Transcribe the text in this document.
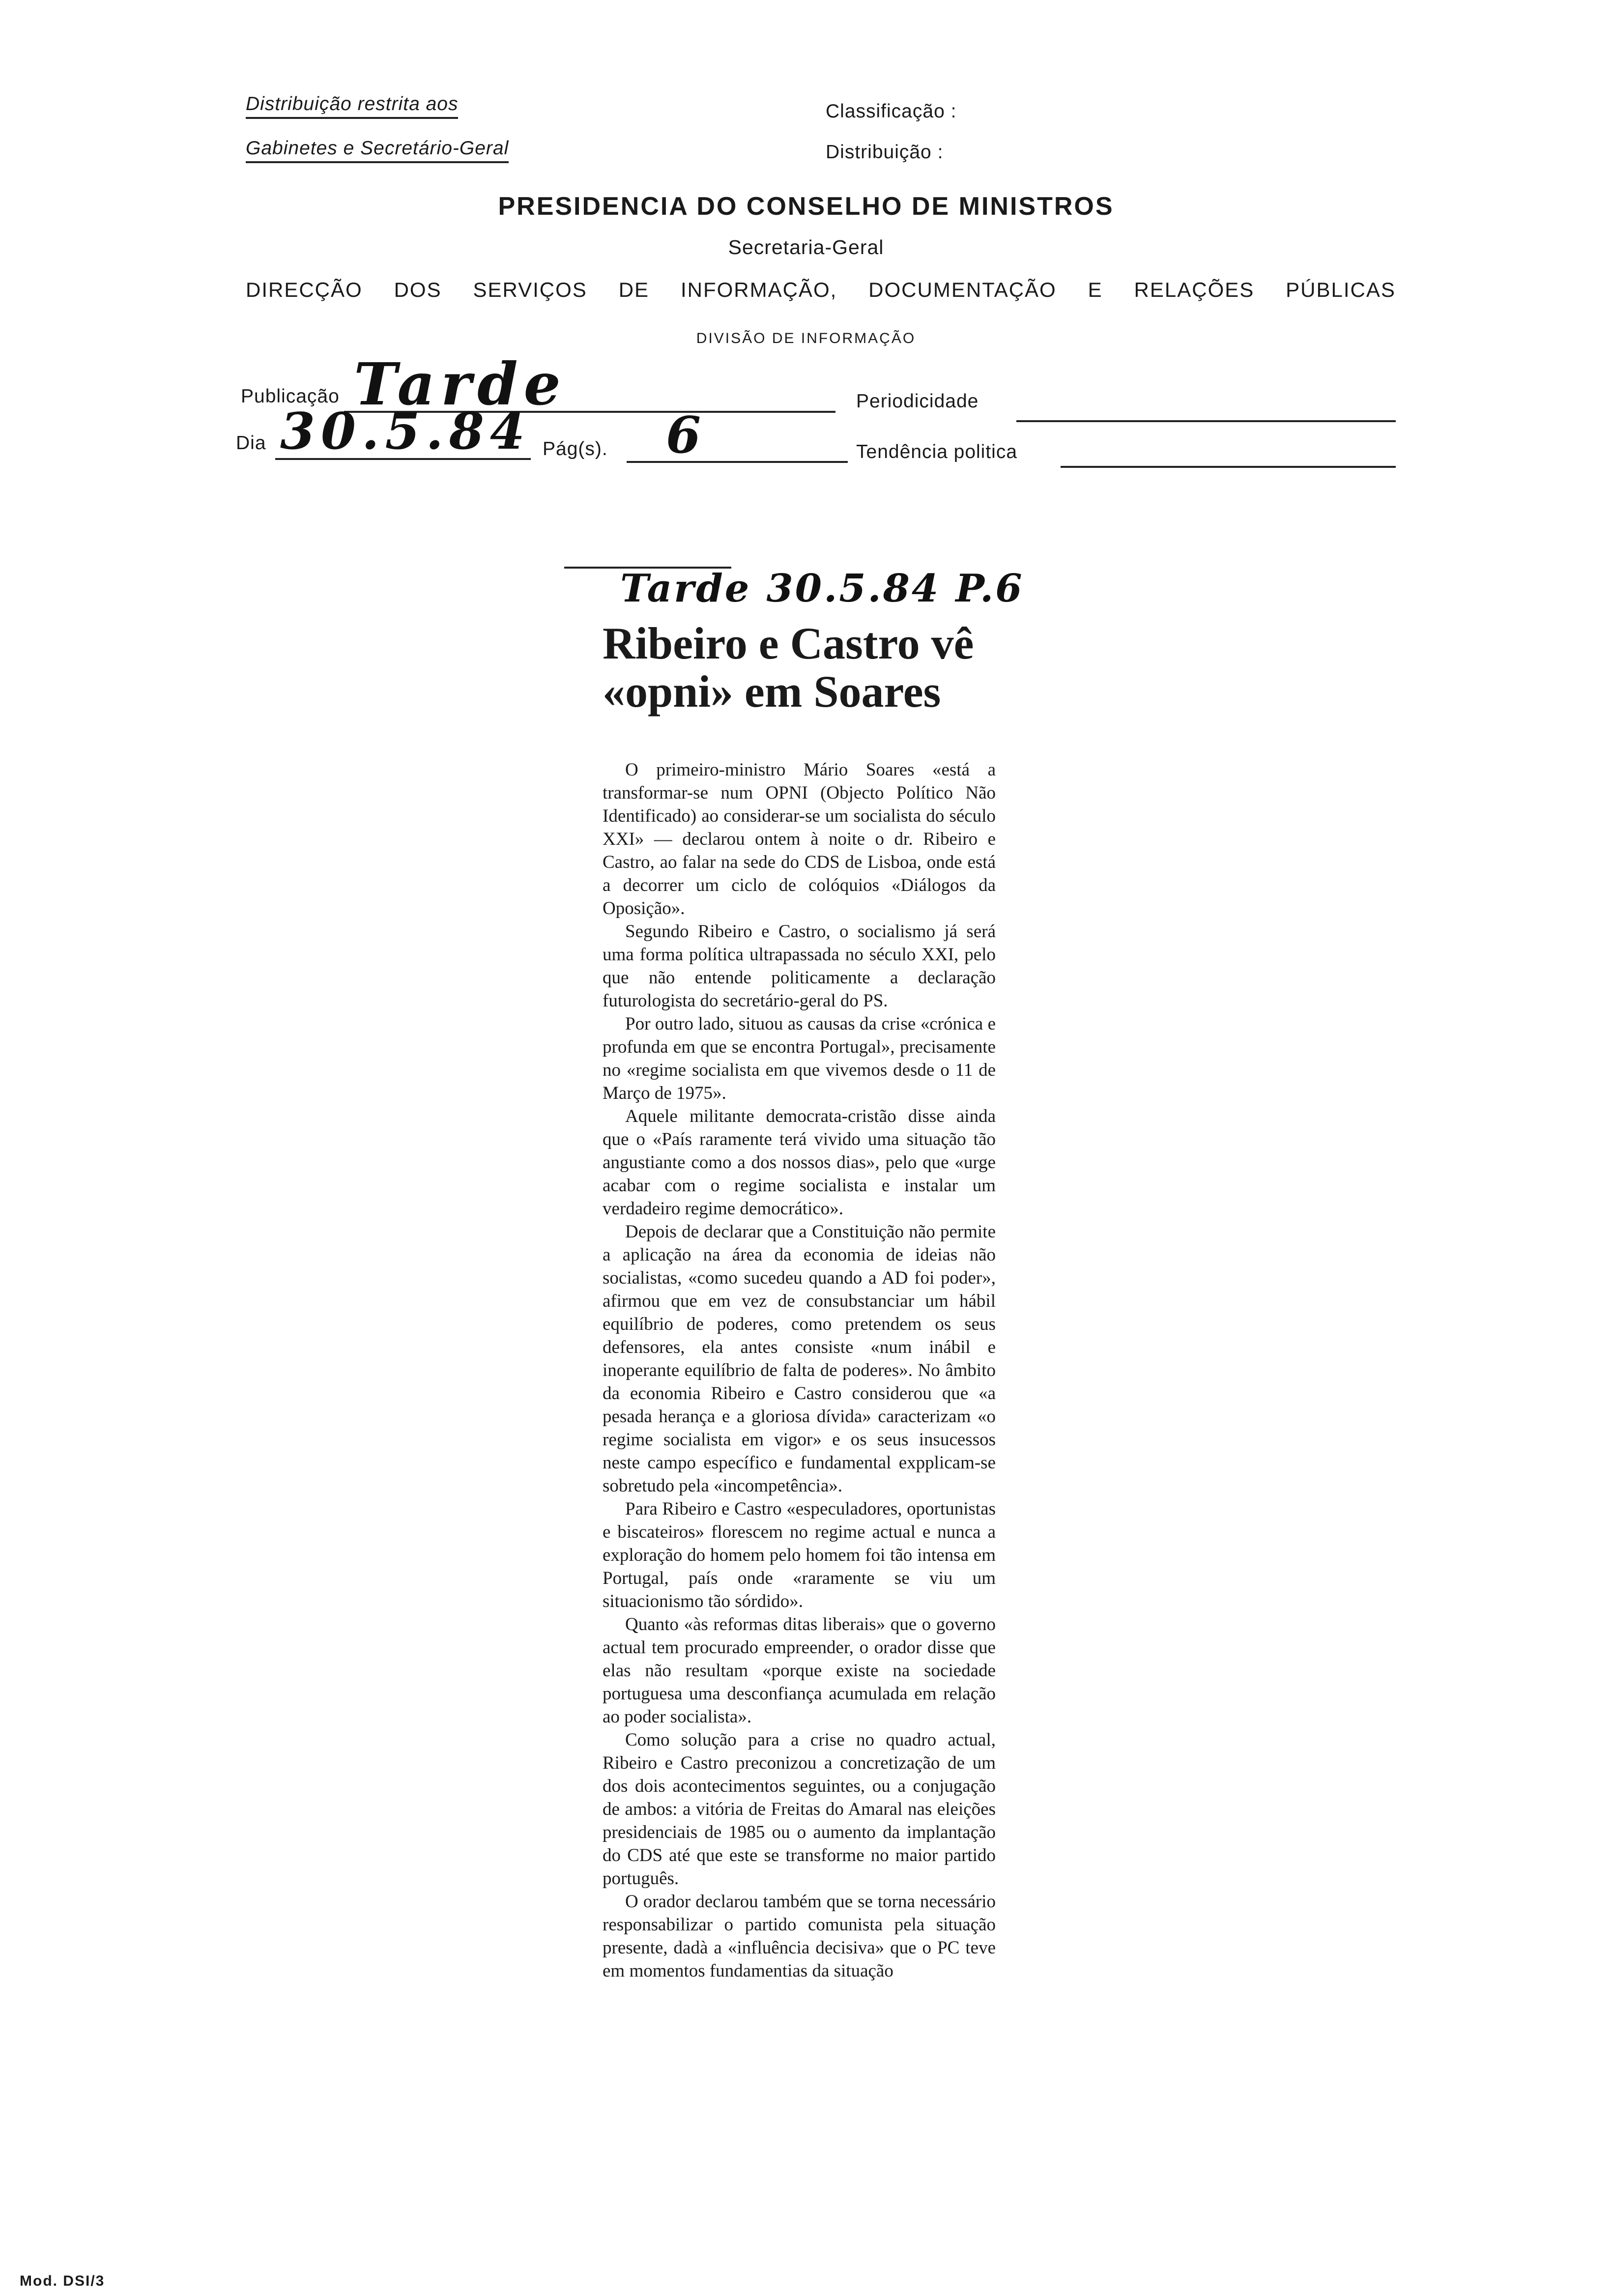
Distribuição restrita aos
Gabinetes e Secretário-Geral
Classificação :
Distribuição :
PRESIDENCIA DO CONSELHO DE MINISTROS
Secretaria-Geral
DIRECÇÃO DOS SERVIÇOS DE INFORMAÇÃO, DOCUMENTAÇÃO E RELAÇÕES PÚBLICAS
DIVISÃO DE INFORMAÇÃO
Publicação Tarde	Periodicidade
Dia 30.5.84 Pág(s). 6	Tendência politica
Tarde 30.5.84 P.6
Ribeiro e Castro vê «opni» em Soares

O primeiro-ministro Mário Soares «está a transformar-se num OPNI (Objecto Político Não Identificado) ao considerar-se um socialista do século XXI» — declarou ontem à noite o dr. Ribeiro e Castro, ao falar na sede do CDS de Lisboa, onde está a decorrer um ciclo de colóquios «Diálogos da Oposição».

Segundo Ribeiro e Castro, o socialismo já será uma forma política ultrapassada no século XXI, pelo que não entende politicamente a declaração futurologista do secretário-geral do PS.

Por outro lado, situou as causas da crise «crónica e profunda em que se encontra Portugal», precisamente no «regime socialista em que vivemos desde o 11 de Março de 1975».

Aquele militante democrata-cristão disse ainda que o «País raramente terá vivido uma situação tão angustiante como a dos nossos dias», pelo que «urge acabar com o regime socialista e instalar um verdadeiro regime democrático».

Depois de declarar que a Constituição não permite a aplicação na área da economia de ideias não socialistas, «como sucedeu quando a AD foi poder», afirmou que em vez de consubstanciar um hábil equilíbrio de poderes, como pretendem os seus defensores, ela antes consiste «num inábil e inoperante equilíbrio de falta de poderes». No âmbito da economia Ribeiro e Castro considerou que «a pesada herança e a gloriosa dívida» caracterizam «o regime socialista em vigor» e os seus insucessos neste campo específico e fundamental expplicam-se sobretudo pela «incompetência».

Para Ribeiro e Castro «especuladores, oportunistas e biscateiros» florescem no regime actual e nunca a exploração do homem pelo homem foi tão intensa em Portugal, país onde «raramente se viu um situacionismo tão sórdido».

Quanto «às reformas ditas liberais» que o governo actual tem procurado empreender, o orador disse que elas não resultam «porque existe na sociedade portuguesa uma desconfiança acumulada em relação ao poder socialista».

Como solução para a crise no quadro actual, Ribeiro e Castro preconizou a concretização de um dos dois acontecimentos seguintes, ou a conjugação de ambos: a vitória de Freitas do Amaral nas eleições presidenciais de 1985 ou o aumento da implantação do CDS até que este se transforme no maior partido português.

O orador declarou também que se torna necessário responsabilizar o partido comunista pela situação presente, dadà a «influência decisiva» que o PC teve em momentos fundamentias da situação

Mod. DSI/3
